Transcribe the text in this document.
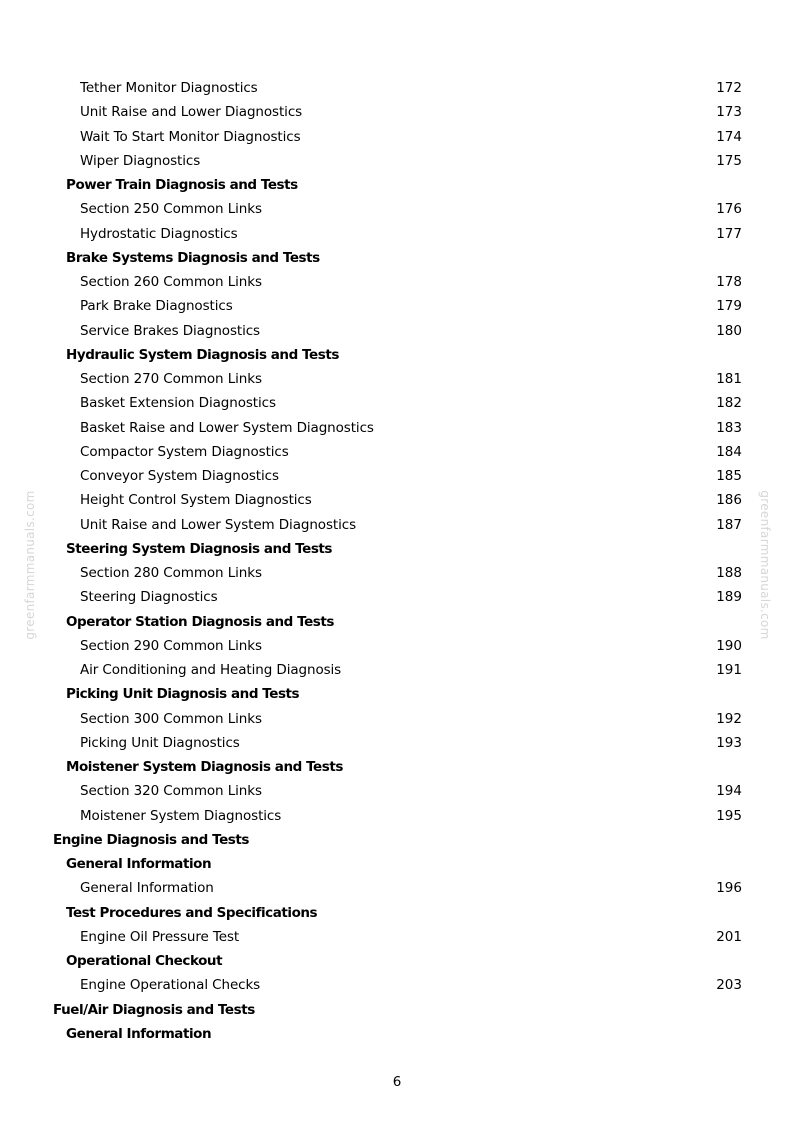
greenfarmmanuals.com	greenfarmmanuals.com
Tether Monitor Diagnostics	172
Unit Raise and Lower Diagnostics	173
Wait To Start Monitor Diagnostics	174
Wiper Diagnostics	175
Power Train Diagnosis and Tests
Section 250 Common Links	176
Hydrostatic Diagnostics	177
Brake Systems Diagnosis and Tests
Section 260 Common Links	178
Park Brake Diagnostics	179
Service Brakes Diagnostics	180
Hydraulic System Diagnosis and Tests
Section 270 Common Links	181
Basket Extension Diagnostics	182
Basket Raise and Lower System Diagnostics	183
Compactor System Diagnostics	184
Conveyor System Diagnostics	185
Height Control System Diagnostics	186
Unit Raise and Lower System Diagnostics	187
Steering System Diagnosis and Tests
Section 280 Common Links	188
Steering Diagnostics	189
Operator Station Diagnosis and Tests
Section 290 Common Links	190
Air Conditioning and Heating Diagnosis	191
Picking Unit Diagnosis and Tests
Section 300 Common Links	192
Picking Unit Diagnostics	193
Moistener System Diagnosis and Tests
Section 320 Common Links	194
Moistener System Diagnostics	195
Engine Diagnosis and Tests
General Information
General Information	196
Test Procedures and Specifications
Engine Oil Pressure Test	201
Operational Checkout
Engine Operational Checks	203
Fuel/Air Diagnosis and Tests
General Information
6
